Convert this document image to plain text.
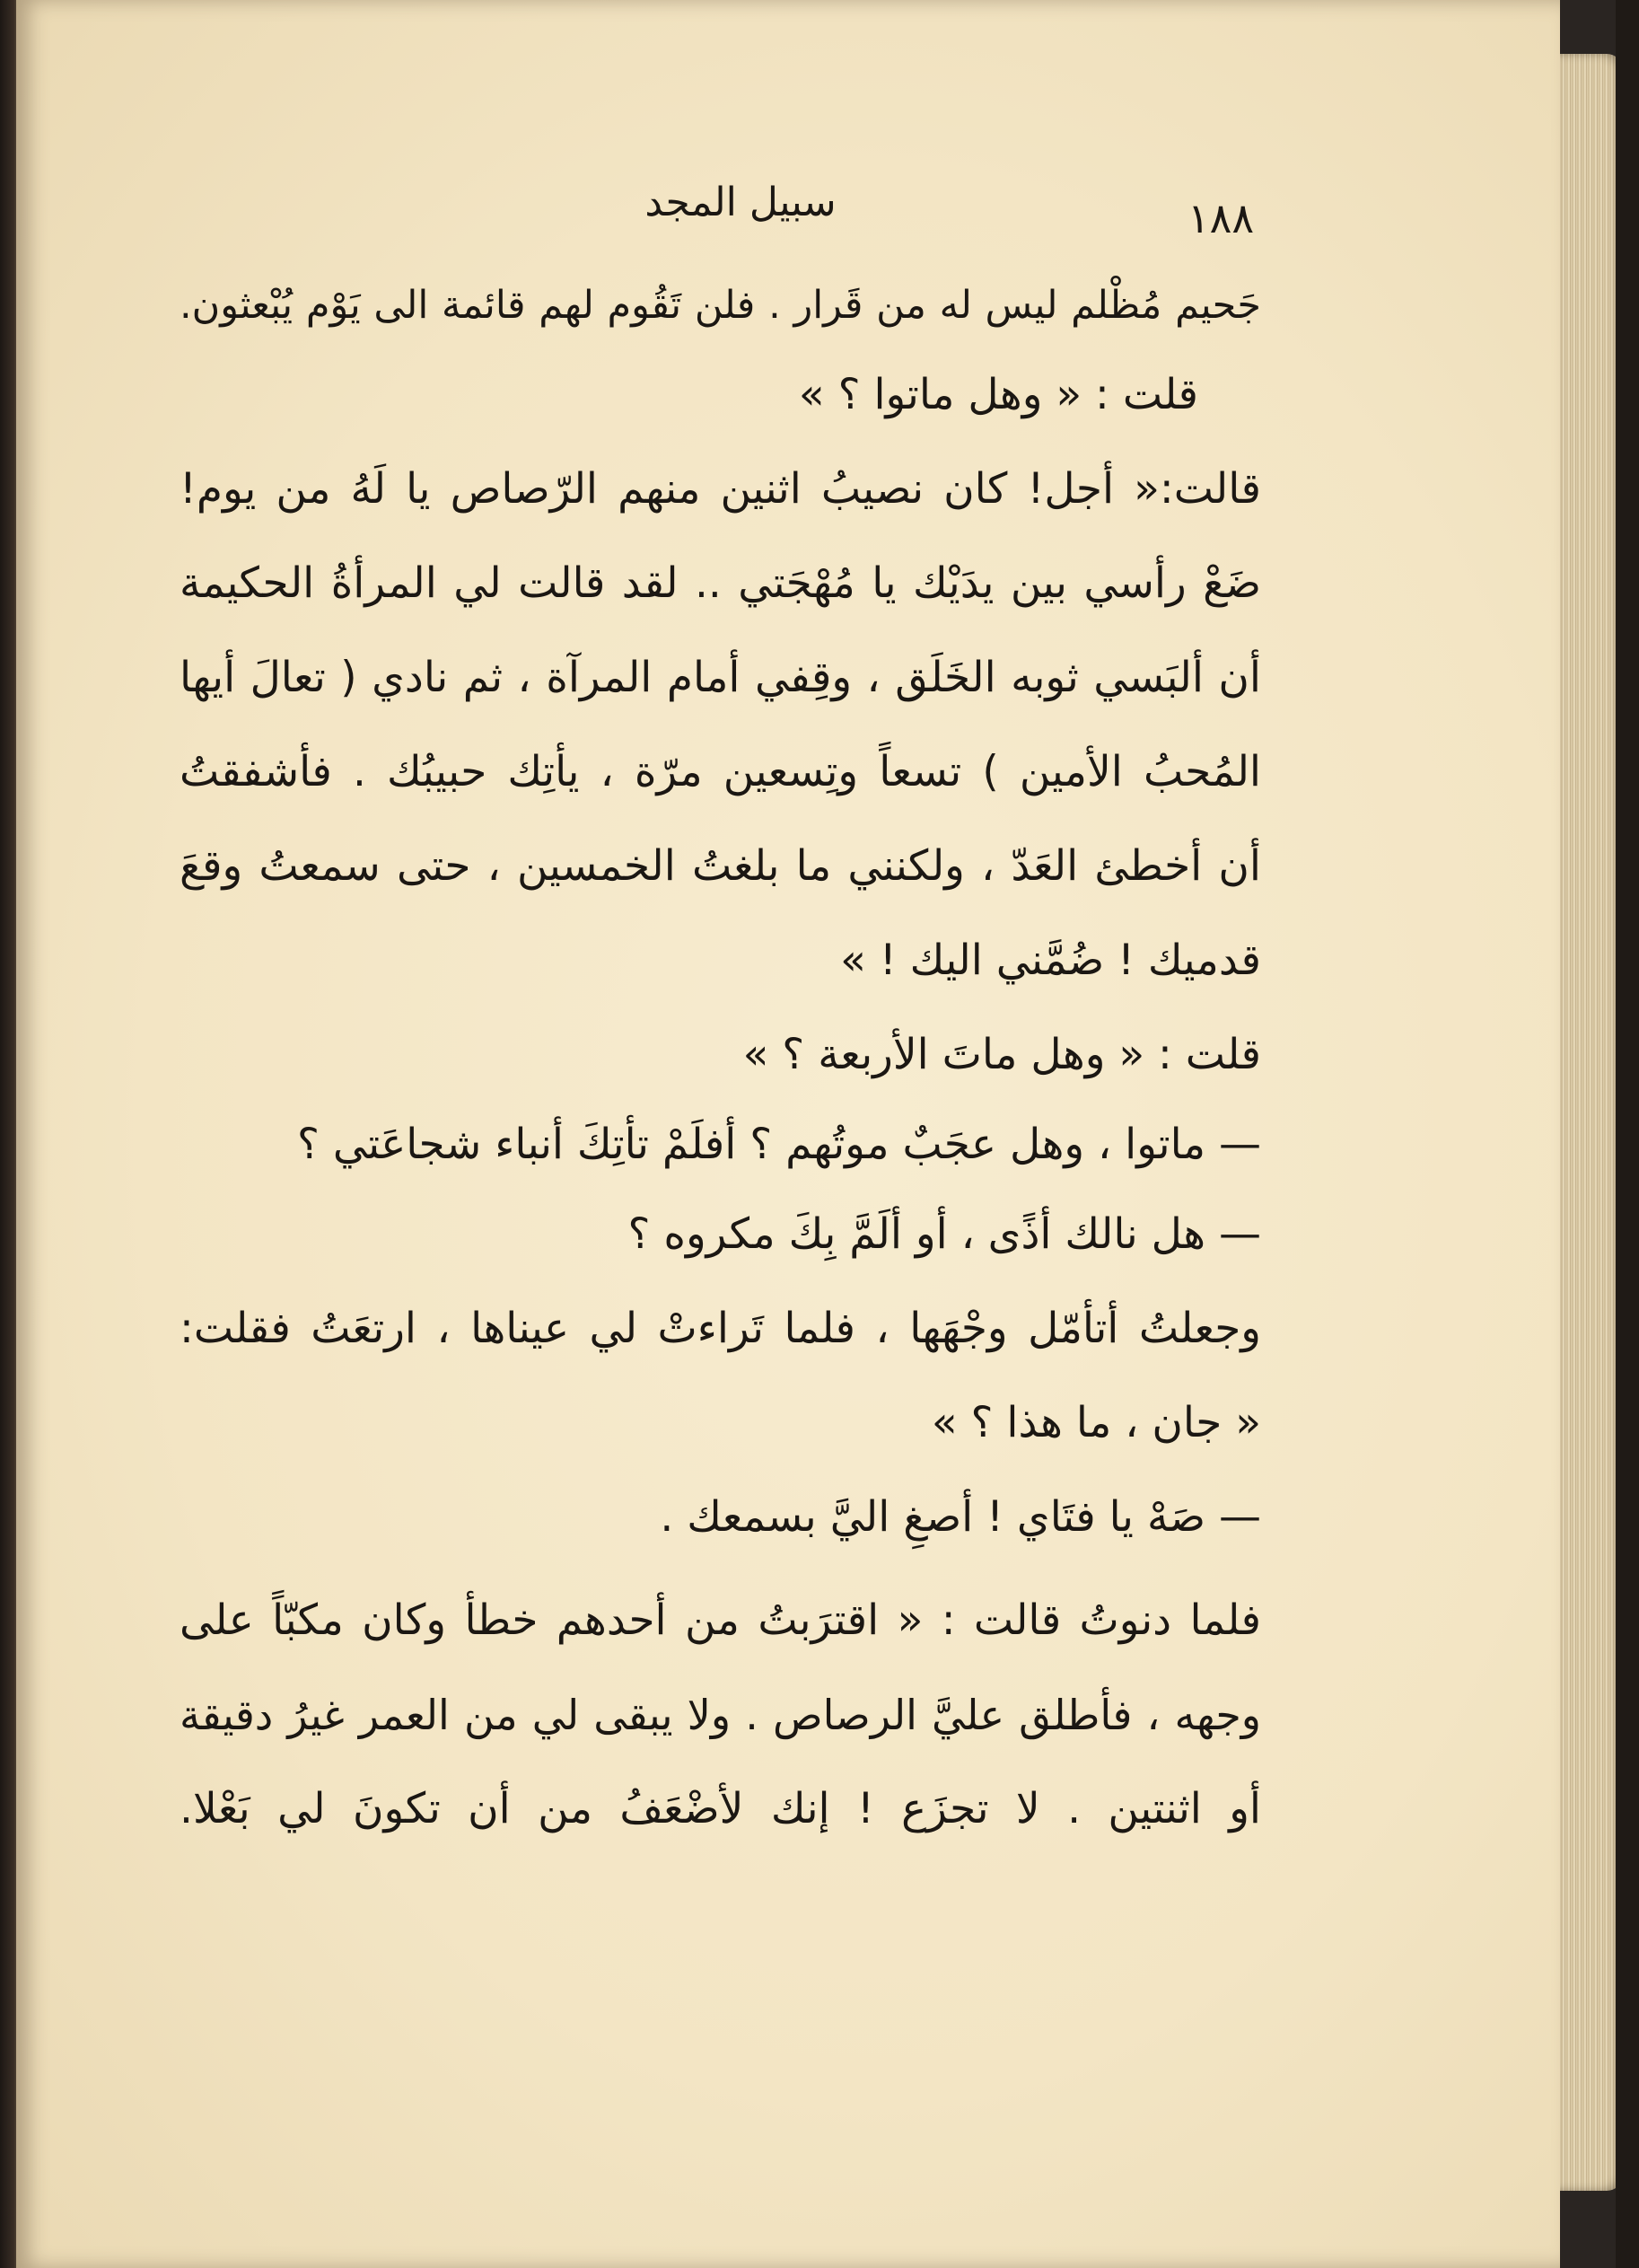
سبيل المجد	١٨٨
جَحيم مُظْلم ليس له من قَرار . فلن تَقُوم لهم قائمة الى يَوْم يُبْعثون.
قلت : « وهل ماتوا ؟ »
قالت:« أجل! كان نصيبُ اثنين منهم الرّصاص يا لَهُ من يوم!
ضَعْ رأسي بين يدَيْك يا مُهْجَتي .. لقد قالت لي المرأةُ الحكيمة
أن ألبَسي ثوبه الخَلَق ، وقِفي أمام المرآة ، ثم نادي ( تعالَ أيها
المُحبُ الأمين ) تسعاً وتِسعين مرّة ، يأتِك حبيبُك . فأشفقتُ
أن أخطئ العَدّ ، ولكنني ما بلغتُ الخمسين ، حتى سمعتُ وقعَ
قدميك ! ضُمَّني اليك ! »
قلت : « وهل ماتَ الأربعة ؟ »
— ماتوا ، وهل عجَبٌ موتُهم ؟ أفلَمْ تأتِكَ أنباء شجاعَتي ؟
— هل نالك أذًى ، أو ألَمَّ بِكَ مكروه ؟
وجعلتُ أتأمّل وجْهَها ، فلما تَراءتْ لي عيناها ، ارتعَتُ فقلت:
« جان ، ما هذا ؟ »
— صَهْ يا فتَاي ! أصغِ اليَّ بسمعك .
فلما دنوتُ قالت : « اقترَبتُ من أحدهم خطأ وكان مكبّاً على
وجهه ، فأطلق عليَّ الرصاص . ولا يبقى لي من العمر غيرُ دقيقة
أو اثنتين . لا تجزَع ! إنك لأضْعَفُ من أن تكونَ لي بَعْلا.
